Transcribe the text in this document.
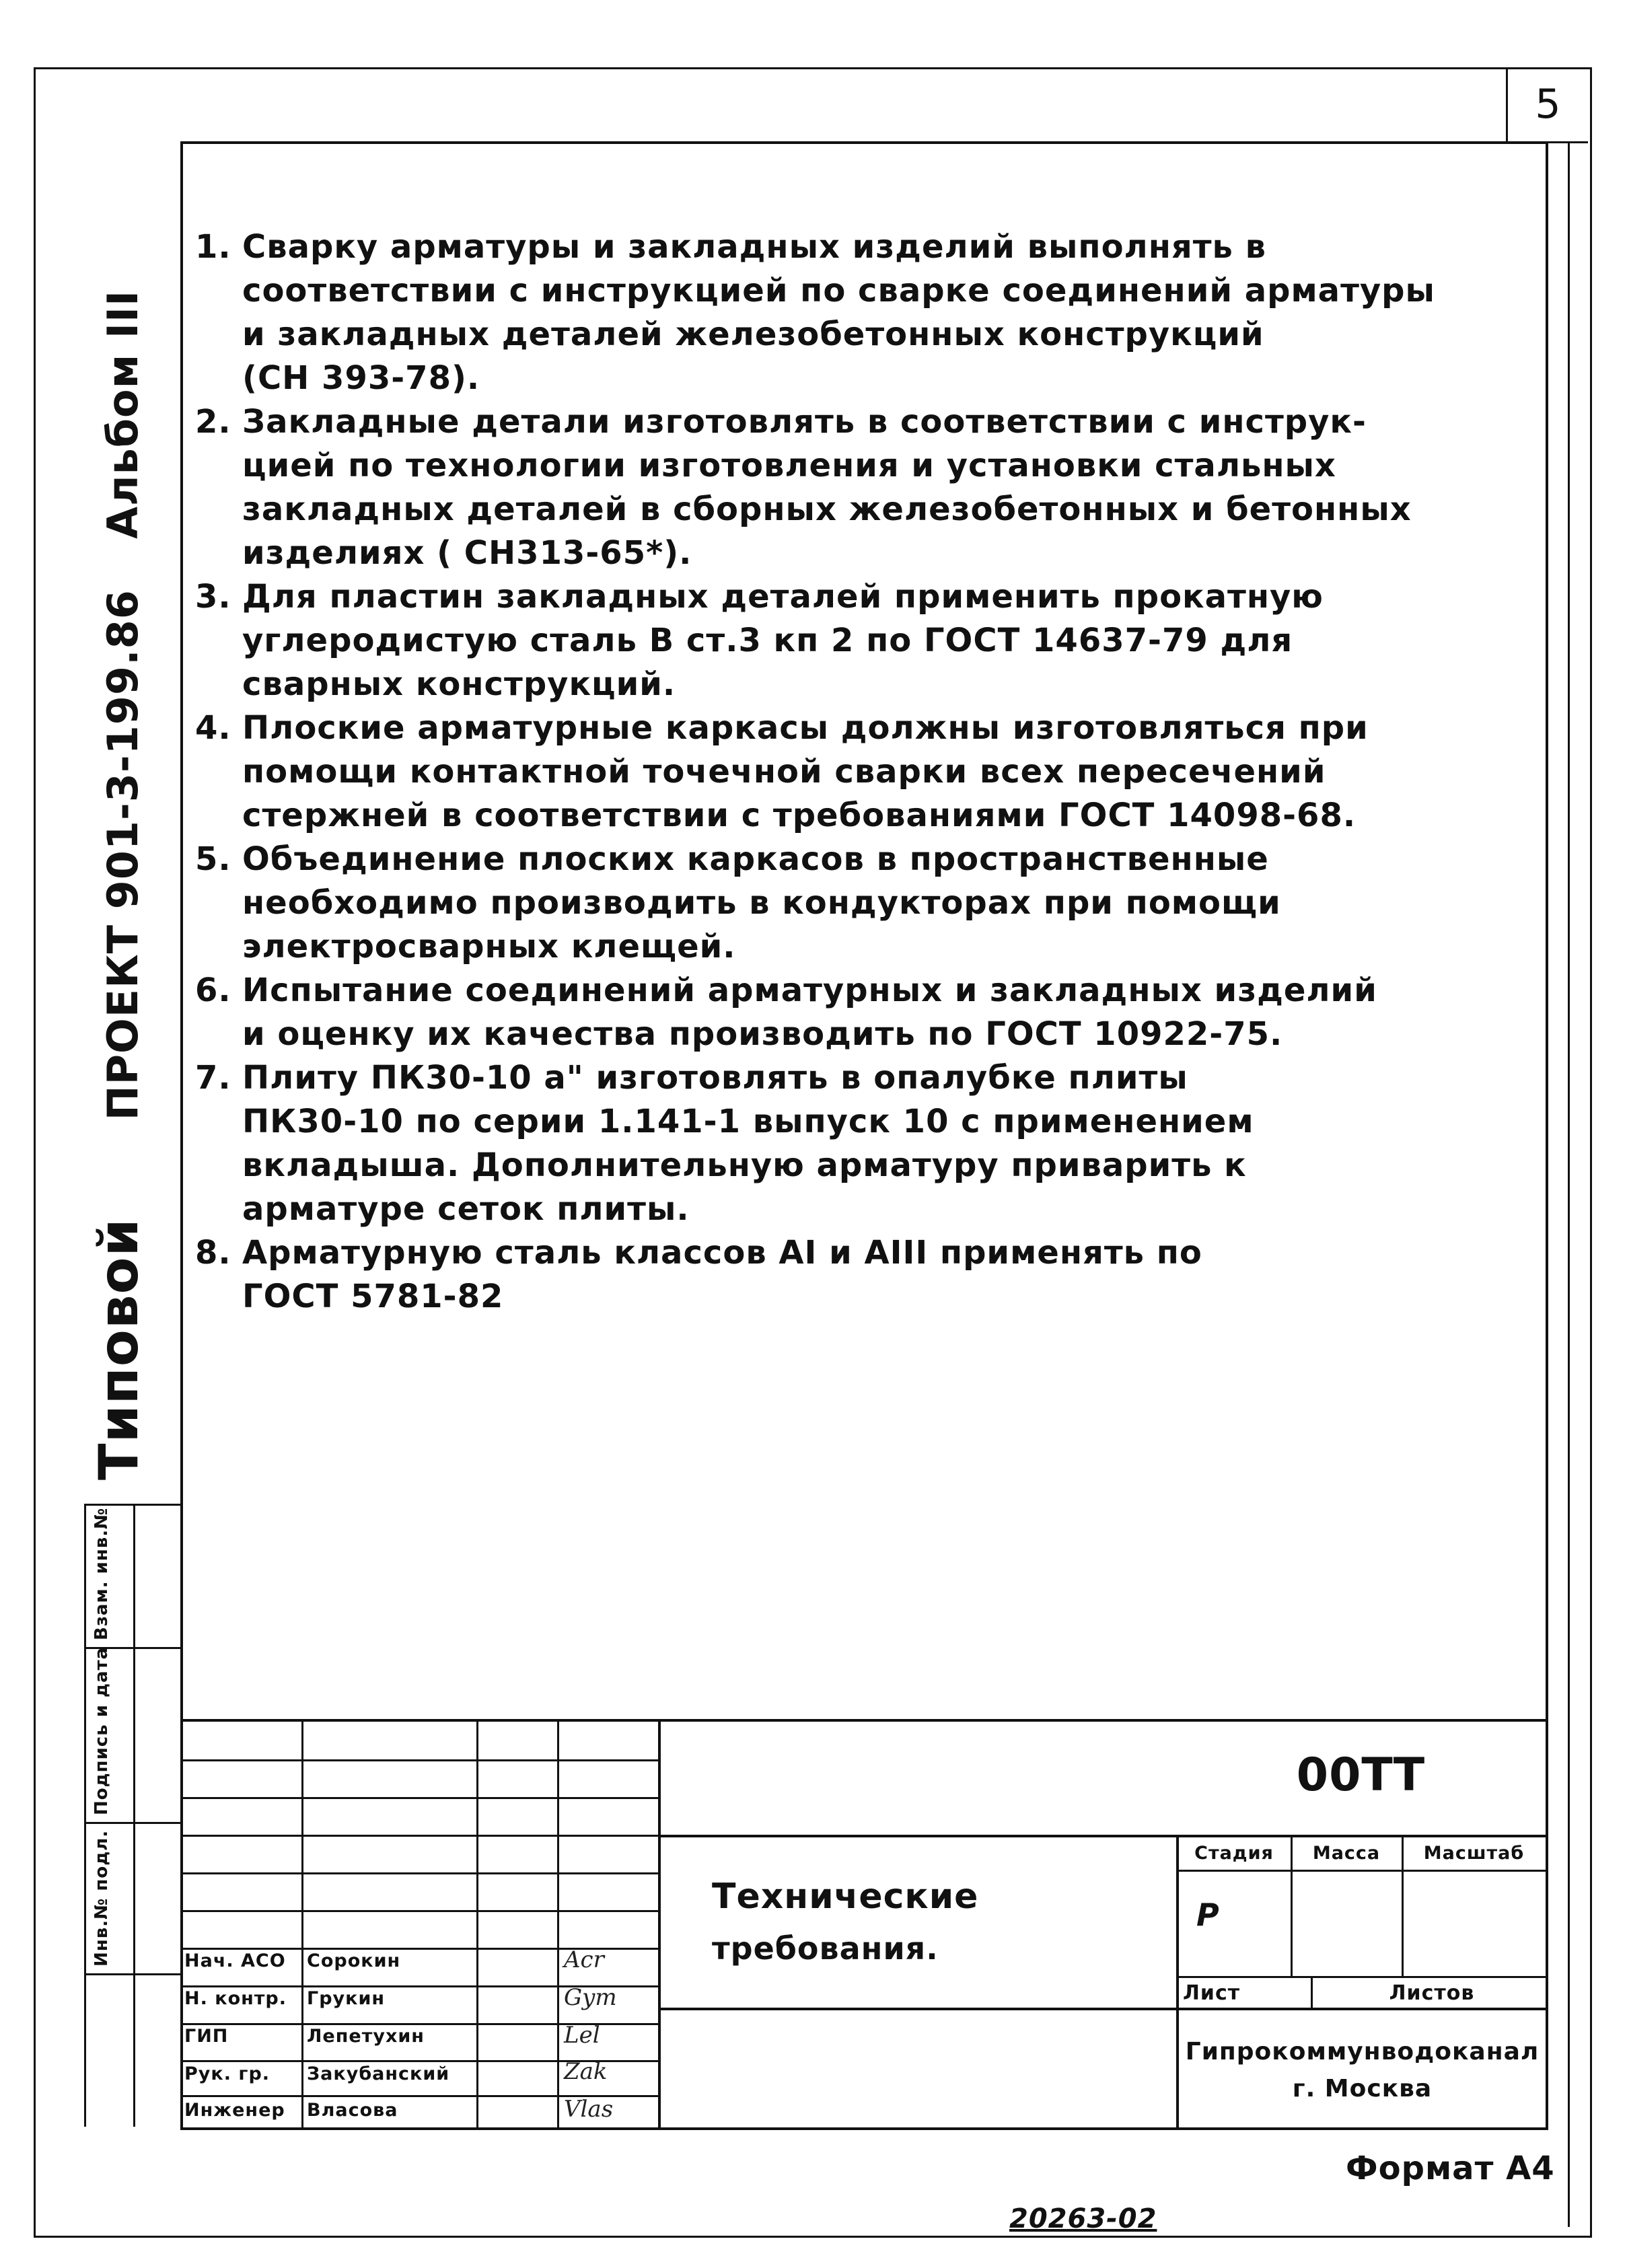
5
Типовой  ПРОЕКТ 901-3-199.86  Альбом III
Взам. инв.№
Подпись и дата
Инв.№ подл.

1. Сварку арматуры и закладных изделий выполнять в
соответствии с инструкцией по сварке соединений арматуры
и закладных деталей железобетонных конструкций
(СН 393-78).

2. Закладные детали изготовлять в соответствии с инструк-
цией по технологии изготовления и установки стальных
закладных деталей в сборных железобетонных и бетонных
изделиях ( СН313-65*).

3. Для пластин закладных деталей применить прокатную
углеродистую сталь В ст.3 кп 2 по ГОСТ 14637-79 для
сварных конструкций.

4. Плоские арматурные каркасы должны изготовляться при
помощи контактной точечной сварки всех пересечений
стержней в соответствии с требованиями ГОСТ 14098-68.

5. Объединение плоских каркасов в пространственные
необходимо производить в кондукторах при помощи
электросварных клещей.

6. Испытание соединений арматурных и закладных изделий
и оценку их качества производить по ГОСТ 10922-75.

7. Плиту ПК30-10 а" изготовлять в опалубке плиты
ПК30-10 по серии 1.141-1 выпуск 10 с применением
вкладыша. Дополнительную арматуру приварить к
арматуре сеток плиты.

8. Арматурную сталь классов АI и АIII применять по
ГОСТ 5781-82

00ТТ
Технические
требования.
Стадия	Масса	Масштаб
Р
Лист	Листов
Гипрокоммунводоканал
г. Москва
Нач. АСО Сорокин	Acr
Н. контр. Грукин	Gym
ГИП	Лепетухин	Lel
Рук. гр. Закубанский	Zak
Инженер Власова	Vlas
Формат А4
20263-02
